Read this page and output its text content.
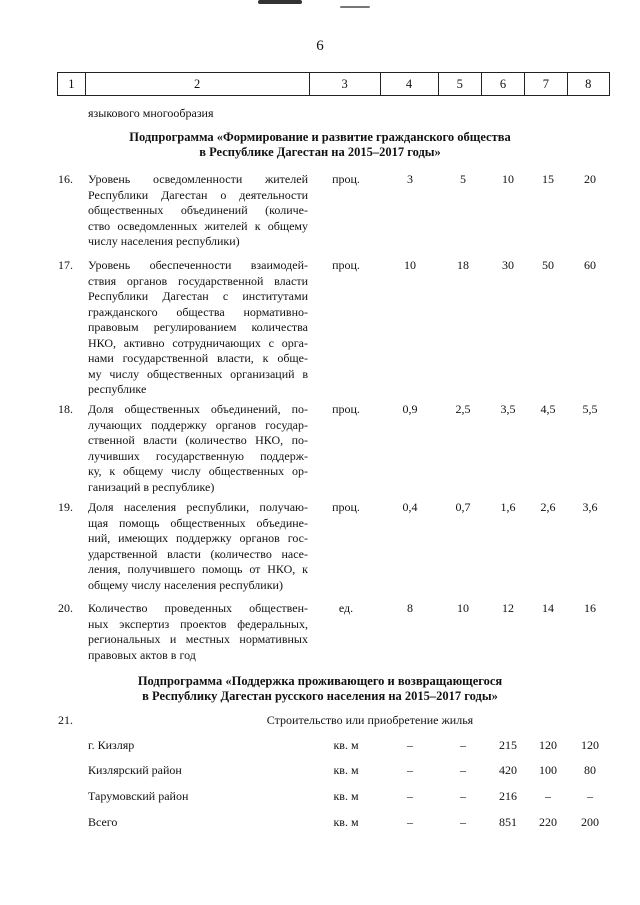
6
1	2	3	4	5	6	7	8
языкового многообразия
Подпрограмма «Формирование и развитие гражданского общества
в Республике Дагестан на 2015–2017 годы»
16.	Уровень осведомленности жителей
Республики Дагестан о деятельности
общественных объединений (количе-
ство осведомленных жителей к общему
числу населения республики)
проц.	3	5	10	15	20
17.	Уровень обеспеченности взаимодей-
ствия органов государственной власти
Республики Дагестан с институтами
гражданского общества нормативно-
правовым регулированием количества
НКО, активно сотрудничающих с орга-
нами государственной власти, к обще-
му числу общественных организаций в
республике
проц.	10	18	30	50	60
18.	Доля общественных объединений, по-
лучающих поддержку органов государ-
ственной власти (количество НКО, по-
лучивших государственную поддерж-
ку, к общему числу общественных ор-
ганизаций в республике)
проц.	0,9	2,5	3,5	4,5	5,5
19.	Доля населения республики, получаю-
щая помощь общественных объедине-
ний, имеющих поддержку органов гос-
ударственной власти (количество насе-
ления, получившего помощь от НКО, к
общему числу населения республики)
проц.	0,4	0,7	1,6	2,6	3,6
20.	Количество проведенных обществен-
ных экспертиз проектов федеральных,
региональных и местных нормативных
правовых актов в год
ед.	8	10	12	14	16
Подпрограмма «Поддержка проживающего и возвращающегося
в Республику Дагестан русского населения на 2015–2017 годы»
21.	Строительство или приобретение жилья
г. Кизляр	кв. м	–	–	215	120	120
Кизлярский район	кв. м	–	–	420	100	80
Тарумовский район	кв. м	–	–	216	–	–
Всего	кв. м	–	–	851	220	200
